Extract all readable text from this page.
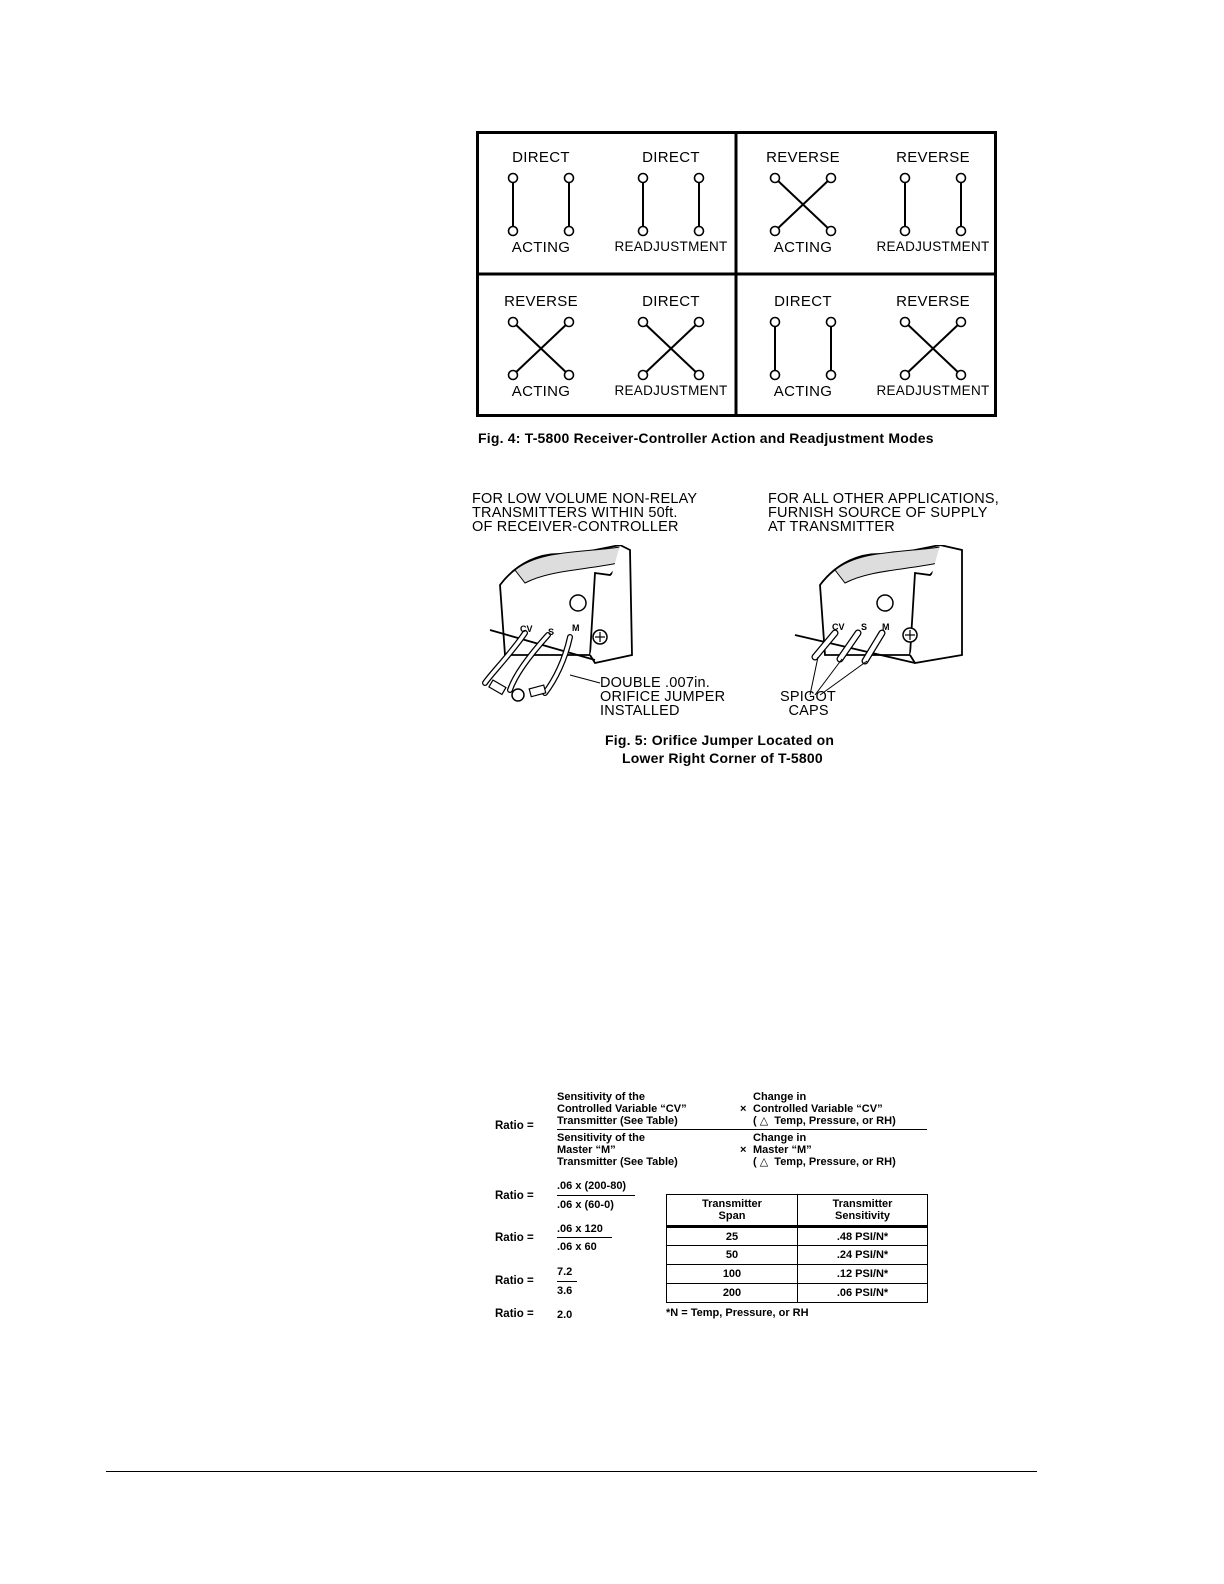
DIRECT
ACTING
DIRECT
READJUSTMENT
REVERSE
ACTING
REVERSE
READJUSTMENT
REVERSE
ACTING
DIRECT
READJUSTMENT
DIRECT
ACTING
REVERSE
READJUSTMENT
Fig. 4: T-5800 Receiver-Controller Action and Readjustment Modes
FOR LOW VOLUME NON-RELAY
TRANSMITTERS WITHIN 50ft.
OF RECEIVER-CONTROLLER
FOR ALL OTHER APPLICATIONS,
FURNISH SOURCE OF SUPPLY
AT TRANSMITTER
CV S M
DOUBLE .007in.
ORIFICE JUMPER
INSTALLED
CV S M
SPIGOT
CAPS
Fig. 5: Orifice Jumper Located on
Lower Right Corner of T-5800
Ratio =
Sensitivity of the
Controlled Variable “CV”
Transmitter (See Table)
×
Change in
Controlled Variable “CV”
( △  Temp, Pressure, or RH)
Sensitivity of the
Master “M”
Transmitter (See Table)
×
Change in
Master “M”
( △  Temp, Pressure, or RH)
Ratio =
.06 x (200-80)
.06 x (60-0)
Ratio =
.06 x 120
.06 x 60
Ratio =
7.2
3.6
Ratio = 2.0
Transmitter
Span	Transmitter
Sensitivity
25	.48 PSI/N*
50	.24 PSI/N*
100	.12 PSI/N*
200	.06 PSI/N*
*N = Temp, Pressure, or RH
